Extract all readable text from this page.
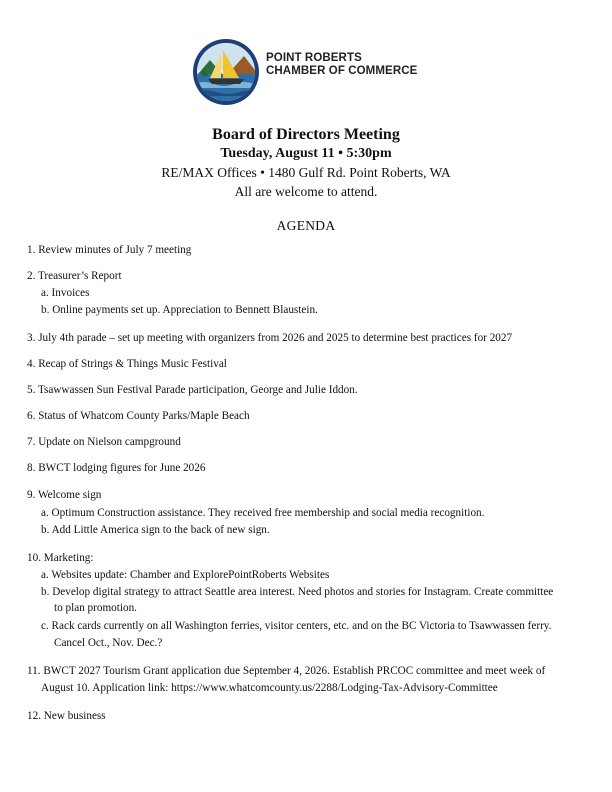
POINT ROBERTS
CHAMBER OF COMMERCE
Board of Directors Meeting
Tuesday, August 11 • 5:30pm
RE/MAX Offices • 1480 Gulf Rd. Point Roberts, WA
All are welcome to attend.
AGENDA
1. Review minutes of July 7 meeting
2. Treasurer’s Report
a. Invoices
b. Online payments set up. Appreciation to Bennett Blaustein.
3. July 4th parade – set up meeting with organizers from 2026 and 2025 to determine best practices for 2027
4. Recap of Strings & Things Music Festival
5. Tsawwassen Sun Festival Parade participation, George and Julie Iddon.
6. Status of Whatcom County Parks/Maple Beach
7. Update on Nielson campground
8. BWCT lodging figures for June 2026
9. Welcome sign
a. Optimum Construction assistance. They received free membership and social media recognition.
b. Add Little America sign to the back of new sign.
10. Marketing:
a. Websites update: Chamber and ExplorePointRoberts Websites
b. Develop digital strategy to attract Seattle area interest. Need photos and stories for Instagram. Create committee
to plan promotion.
c. Rack cards currently on all Washington ferries, visitor centers, etc. and on the BC Victoria to Tsawwassen ferry.
Cancel Oct., Nov. Dec.?
11. BWCT 2027 Tourism Grant application due September 4, 2026. Establish PRCOC committee and meet week of
August 10. Application link: https://www.whatcomcounty.us/2288/Lodging-Tax-Advisory-Committee
12. New business
